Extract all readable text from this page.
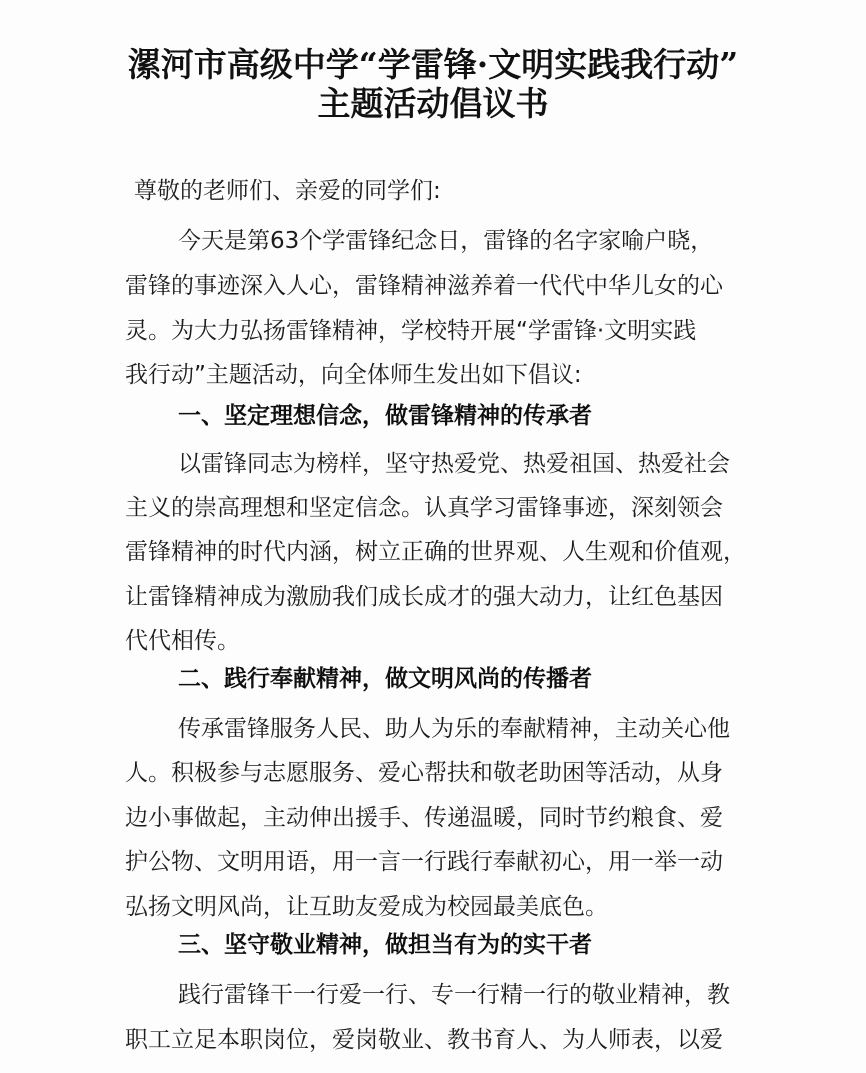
漯河市高级中学“学雷锋·文明实践我行动”
主题活动倡议书

尊敬的老师们、亲爱的同学们:

今天是第63个学雷锋纪念日，雷锋的名字家喻户晓，

雷锋的事迹深入人心，雷锋精神滋养着一代代中华儿女的心

灵。为大力弘扬雷锋精神，学校特开展“学雷锋·文明实践

我行动”主题活动，向全体师生发出如下倡议:

一、坚定理想信念，做雷锋精神的传承者

以雷锋同志为榜样，坚守热爱党、热爱祖国、热爱社会

主义的崇高理想和坚定信念。认真学习雷锋事迹，深刻领会

雷锋精神的时代内涵，树立正确的世界观、人生观和价值观，

让雷锋精神成为激励我们成长成才的强大动力，让红色基因

代代相传。

二、践行奉献精神，做文明风尚的传播者

传承雷锋服务人民、助人为乐的奉献精神，主动关心他

人。积极参与志愿服务、爱心帮扶和敬老助困等活动，从身

边小事做起，主动伸出援手、传递温暖，同时节约粮食、爱

护公物、文明用语，用一言一行践行奉献初心，用一举一动

弘扬文明风尚，让互助友爱成为校园最美底色。

三、坚守敬业精神，做担当有为的实干者

践行雷锋干一行爱一行、专一行精一行的敬业精神，教

职工立足本职岗位，爱岗敬业、教书育人、为人师表，以爱
